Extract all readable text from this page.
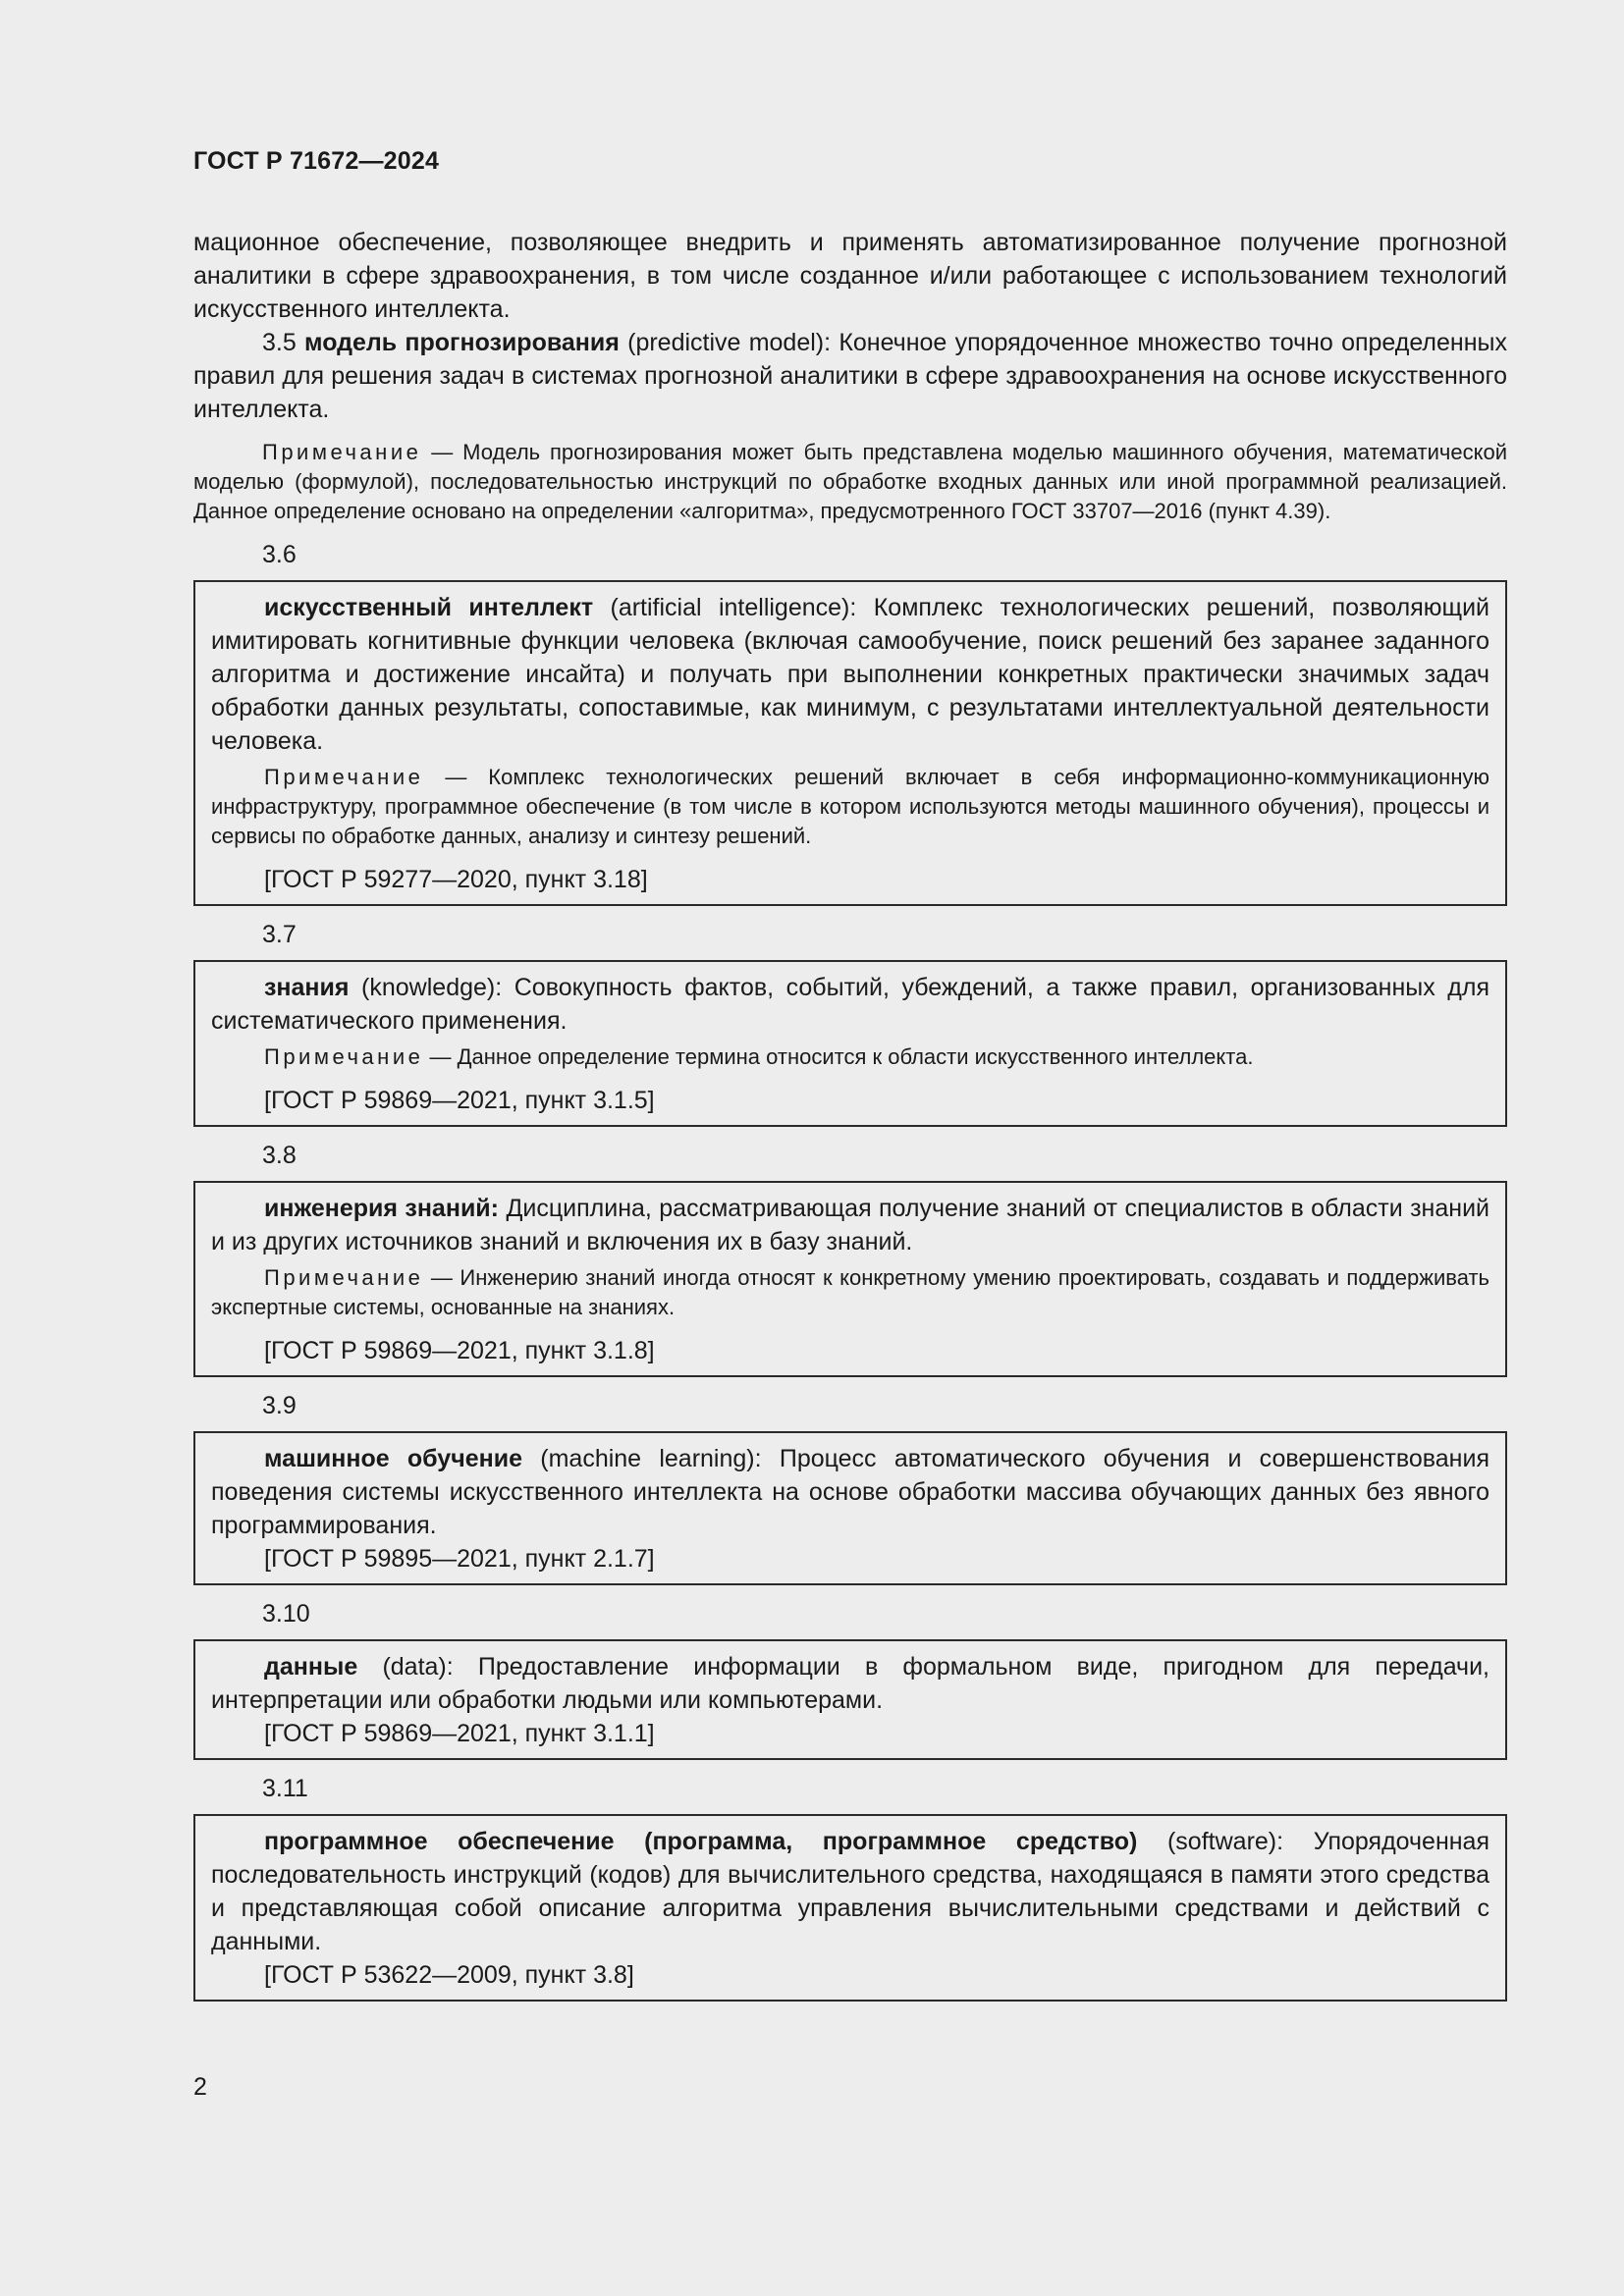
ГОСТ Р 71672—2024

мационное обеспечение, позволяющее внедрить и применять автоматизированное получение прогнозной аналитики в сфере здравоохранения, в том числе созданное и/или работающее с использованием технологий искусственного интеллекта.

3.5 модель прогнозирования (predictive model): Конечное упорядоченное множество точно определенных правил для решения задач в системах прогнозной аналитики в сфере здравоохранения на основе искусственного интеллекта.

Примечание — Модель прогнозирования может быть представлена моделью машинного обучения, математической моделью (формулой), последовательностью инструкций по обработке входных данных или иной программной реализацией. Данное определение основано на определении «алгоритма», предусмотренного ГОСТ 33707—2016 (пункт 4.39).

3.6

искусственный интеллект (artificial intelligence): Комплекс технологических решений, позволяющий имитировать когнитивные функции человека (включая самообучение, поиск решений без заранее заданного алгоритма и достижение инсайта) и получать при выполнении конкретных практически значимых задач обработки данных результаты, сопоставимые, как минимум, с результатами интеллектуальной деятельности человека.

Примечание — Комплекс технологических решений включает в себя информационно-коммуникационную инфраструктуру, программное обеспечение (в том числе в котором используются методы машинного обучения), процессы и сервисы по обработке данных, анализу и синтезу решений.

[ГОСТ Р 59277—2020, пункт 3.18]

3.7

знания (knowledge): Совокупность фактов, событий, убеждений, а также правил, организованных для систематического применения.

Примечание — Данное определение термина относится к области искусственного интеллекта.

[ГОСТ Р 59869—2021, пункт 3.1.5]

3.8

инженерия знаний: Дисциплина, рассматривающая получение знаний от специалистов в области знаний и из других источников знаний и включения их в базу знаний.

Примечание — Инженерию знаний иногда относят к конкретному умению проектировать, создавать и поддерживать экспертные системы, основанные на знаниях.

[ГОСТ Р 59869—2021, пункт 3.1.8]

3.9

машинное обучение (machine learning): Процесс автоматического обучения и совершенствования поведения системы искусственного интеллекта на основе обработки массива обучающих данных без явного программирования.

[ГОСТ Р 59895—2021, пункт 2.1.7]

3.10

данные (data): Предоставление информации в формальном виде, пригодном для передачи, интерпретации или обработки людьми или компьютерами.

[ГОСТ Р 59869—2021, пункт 3.1.1]

3.11

программное обеспечение (программа, программное средство) (software): Упорядоченная последовательность инструкций (кодов) для вычислительного средства, находящаяся в памяти этого средства и представляющая собой описание алгоритма управления вычислительными средствами и действий с данными.

[ГОСТ Р 53622—2009, пункт 3.8]

2
